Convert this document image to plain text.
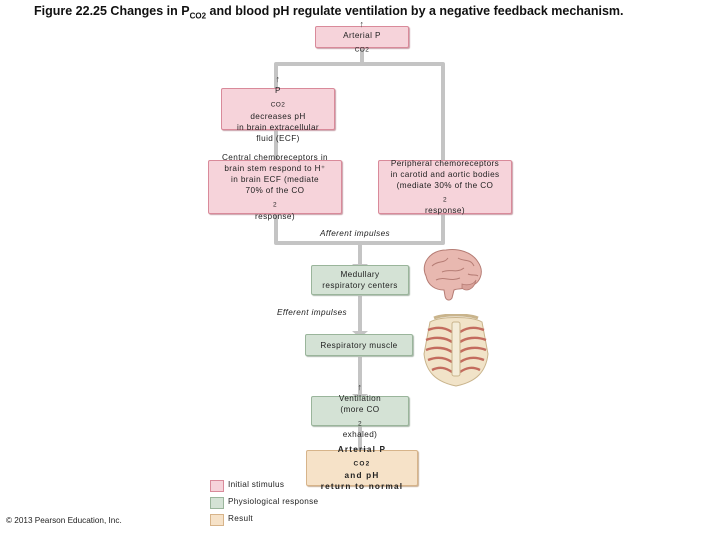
Figure 22.25 Changes in $P_{CO2}$ and blood pH regulate ventilation by a negative feedback mechanism.
↑
Arterial P
$_{CO2}$
↑
P
$_{CO2}$
decreases pH
in brain extracellular
fluid (ECF)
Central chemoreceptors in
brain stem respond to H⁺
in brain ECF (mediate
70% of the CO
$_2$
response)
Peripheral chemoreceptors
in carotid and aortic bodies
(mediate 30% of the CO
$_2$
response)
Afferent impulses
Medullary
respiratory centers
Efferent impulses
Respiratory muscle
↑
Ventilation
(more CO
$_2$
exhaled)
Arterial P
$_{CO2}$
and pH
return to normal
Initial stimulus
Physiological response
Result
© 2013 Pearson Education, Inc.
